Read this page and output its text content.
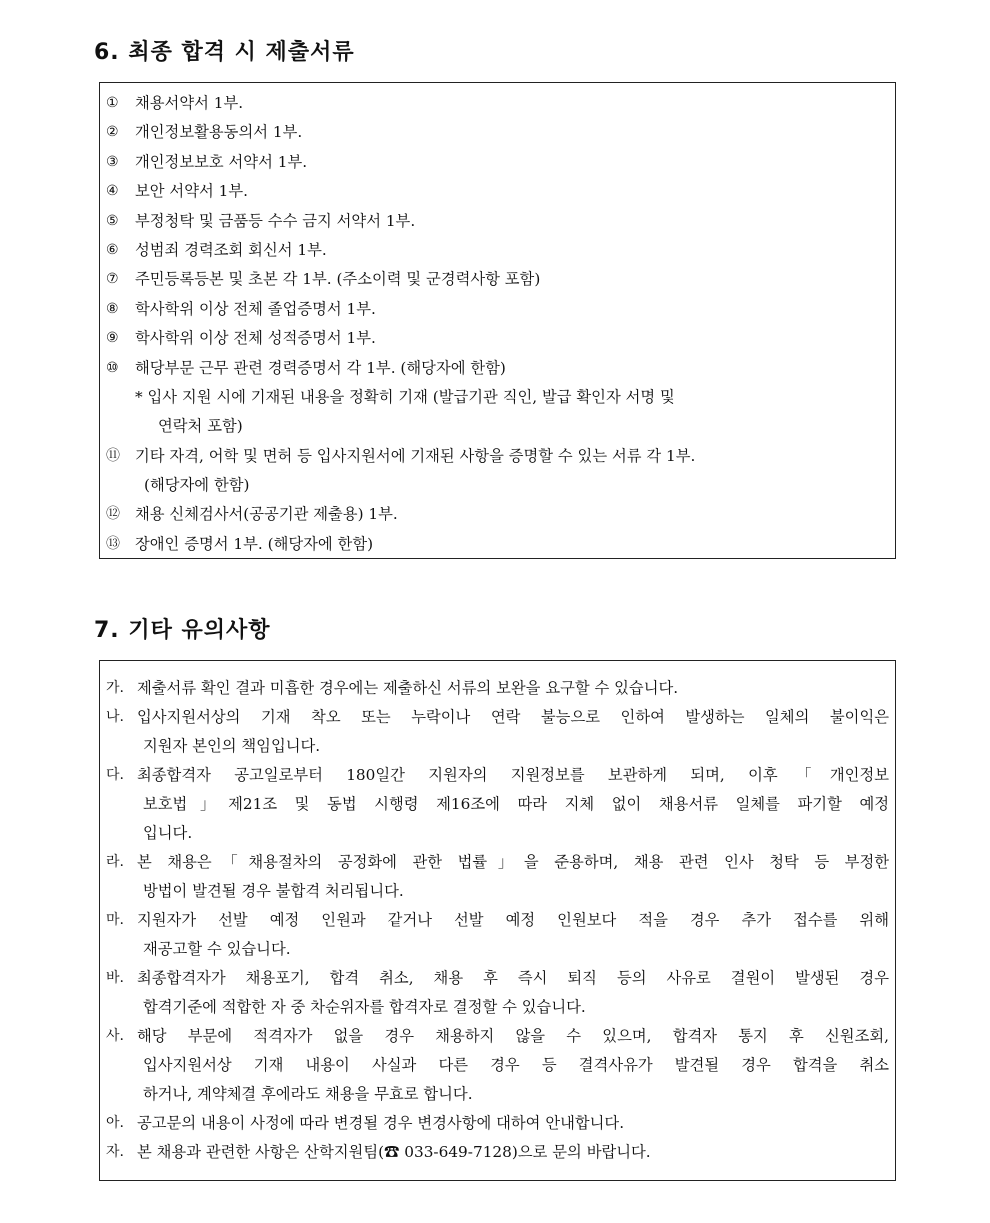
6. 최종 합격 시 제출서류
①	채용서약서 1부.
②	개인정보활용동의서 1부.
③	개인정보보호 서약서 1부.
④	보안 서약서 1부.
⑤	부정청탁 및 금품등 수수 금지 서약서 1부.
⑥	성범죄 경력조회 회신서 1부.
⑦	주민등록등본 및 초본 각 1부. (주소이력 및 군경력사항 포함)
⑧	학사학위 이상 전체 졸업증명서 1부.
⑨	학사학위 이상 전체 성적증명서 1부.
⑩	해당부문 근무 관련 경력증명서 각 1부. (해당자에 한함)
* 입사 지원 시에 기재된 내용을 정확히 기재 (발급기관 직인, 발급 확인자 서명 및
연락처 포함)
⑪ 기타 자격, 어학 및 면허 등 입사지원서에 기재된 사항을 증명할 수 있는 서류 각 1부.
(해당자에 한함)
⑫ 채용 신체검사서(공공기관 제출용) 1부.
⑬ 장애인 증명서 1부. (해당자에 한함)
7. 기타 유의사항
가. 제출서류 확인 결과 미흡한 경우에는 제출하신 서류의 보완을 요구할 수 있습니다.
나. 입사지원서상의 기재 착오 또는 누락이나 연락 불능으로 인하여 발생하는 일체의 불이익은
지원자 본인의 책임입니다.
다. 최종합격자 공고일로부터 180일간 지원자의 지원정보를 보관하게 되며, 이후「개인정보
보호법」제21조 및 동법 시행령 제16조에 따라 지체 없이 채용서류 일체를 파기할 예정
입니다.
라. 본 채용은「채용절차의 공정화에 관한 법률」을 준용하며, 채용 관련 인사 청탁 등 부정한
방법이 발견될 경우 불합격 처리됩니다.
마. 지원자가 선발 예정 인원과 같거나 선발 예정 인원보다 적을 경우 추가 접수를 위해
재공고할 수 있습니다.
바. 최종합격자가 채용포기, 합격 취소, 채용 후 즉시 퇴직 등의 사유로 결원이 발생된 경우
합격기준에 적합한 자 중 차순위자를 합격자로 결정할 수 있습니다.
사. 해당 부문에 적격자가 없을 경우 채용하지 않을 수 있으며, 합격자 통지 후 신원조회,
입사지원서상 기재 내용이 사실과 다른 경우 등 결격사유가 발견될 경우 합격을 취소
하거나, 계약체결 후에라도 채용을 무효로 합니다.
아. 공고문의 내용이 사정에 따라 변경될 경우 변경사항에 대하여 안내합니다.
자. 본 채용과 관련한 사항은 산학지원팀(☎ 033-649-7128)으로 문의 바랍니다.
